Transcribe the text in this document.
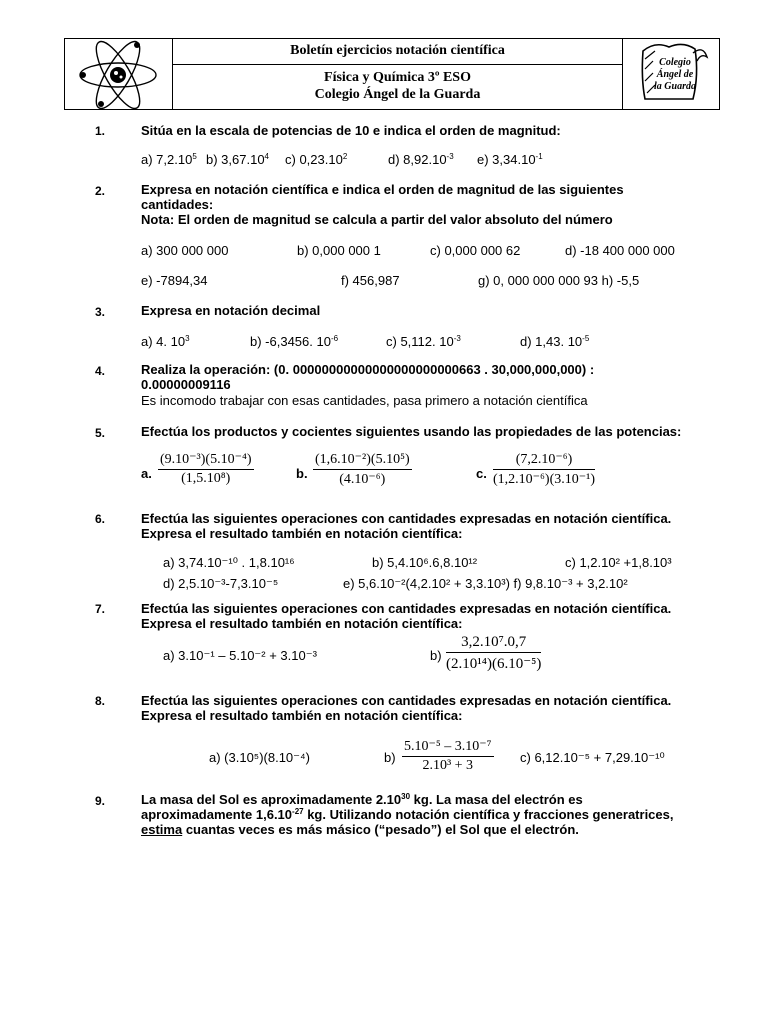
Boletín ejercicios notación científica
Física y Química 3º ESO
Colegio Ángel de la Guarda
Colegio
Ángel de
la Guarda
1.	Sitúa en la escala de potencias de 10 e indica el orden de magnitud:
a) 7,2.10$^5$ b) 3,67.10$^4$ c) 0,23.10$^2$	d) $8,92.10^{-3}$ e) $3,34.10^{-1}$
2.	Expresa en notación científica e indica el orden de magnitud de las siguientes
cantidades:
Nota: El orden de magnitud se calcula a partir del valor absoluto del número
a) 300 000 000	b) 0,000 000 1	c) 0,000 000 62	d) -18 400 000 000
e) -7894,34	f) 456,987	g) 0, 000 000 000 93 h) -5,5
3.	Expresa en notación decimal
a) 4. $10^3$	b) -6,3456. $10^{-6}$	c) 5,112. $10^{-3}$	d) 1,43. $10^{-5}$
4.	Realiza la operación: (0. 00000000000000000000000663 . 30,000,000,000) :
0.00000009116
Es incomodo trabajar con esas cantidades, pasa primero a notación científica
5.	Efectúa los productos y cocientes siguientes usando las propiedades de las potencias:
a. $\frac{\text{(9.10⁻³)(5.10⁻⁴)}}{\text{(1,5.10⁸)}}$	b. $\frac{\text{(1,6.10⁻²)(5.10⁵)}}{\text{(4.10⁻⁶)}}$	c. $\frac{\text{(7,2.10⁻⁶)}}{\text{(1,2.10⁻⁶)(3.10⁻¹)}}$
6.	Efectúa las siguientes operaciones con cantidades expresadas en notación científica.
Expresa el resultado también en notación científica:
a) 3,74.10⁻¹⁰ . 1,8.10¹⁶	b) 5,4.10⁶.6,8.10¹²	c) 1,2.10² +1,8.10³
d) 2,5.10⁻³-7,3.10⁻⁵	e) 5,6.10⁻²(4,2.10² + 3,3.10³) f) 9,8.10⁻³ + 3,2.10²
7.	Efectúa las siguientes operaciones con cantidades expresadas en notación científica.
Expresa el resultado también en notación científica:
a) 3.10⁻¹ – 5.10⁻² + 3.10⁻³	$b) \frac{\text{3,2.10⁷.0,7}}{\text{(2.10¹⁴)(6.10⁻⁵)}}$
8.	Efectúa las siguientes operaciones con cantidades expresadas en notación científica.
Expresa el resultado también en notación científica:
a) (3.10⁵)(8.10⁻⁴)	$b) \frac{\text{5.10⁻⁵ – 3.10⁻⁷}}{\text{2.10³ + 3}} c$) 6,12.10⁻⁵ + 7,29.10⁻¹⁰
9.	La masa del Sol es aproximadamente 2.10$^{30}$ kg. La masa del electrón es
aproximadamente $1,6.10^{-27}$ kg. Utilizando notación científica y fracciones generatrices,
estima cuantas veces es más másico (“pesado”) el Sol que el electrón.
